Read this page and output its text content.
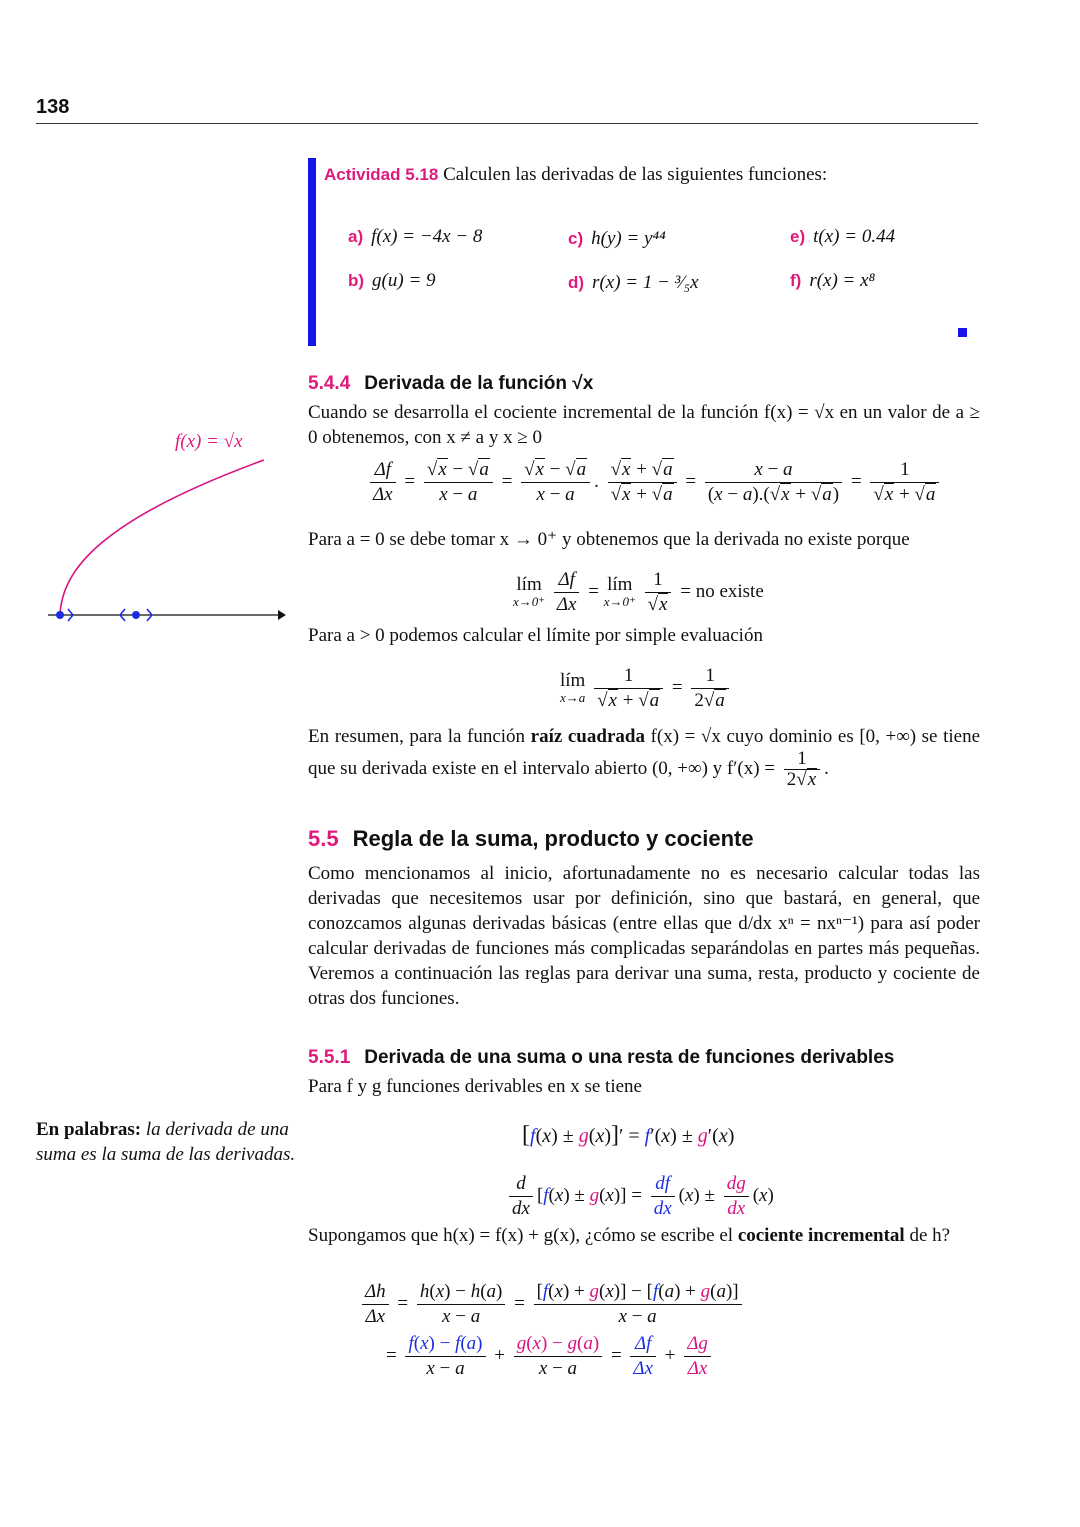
138
Actividad 5.18 Calculen las derivadas de las siguientes funciones:
a) f(x) = −4x − 8
b) g(u) = 9
c) h(y) = y⁴⁴
d) r(x) = 1 − ³⁄₅x
e) t(x) = 0.44
f) r(x) = x⁸
f(x) = √x
5.4.4 Derivada de la función √x
Cuando se desarrolla el cociente incremental de la función f(x) = √x en un valor de a ≥ 0 obtenemos, con x ≠ a y x ≥ 0
$\frac{\Delta f}{\Delta x} = \frac{√x - √a}{x - a} = \frac{√x - √a}{x - a}$ . $\frac{√x + √a}{√x + √a} = \frac{x - a}{(x - a).(√x + √a)} = \frac{1}{√x + √a}$
Para a = 0 se debe tomar x → 0⁺ y obtenemos que la derivada no existe porque
lím
x→0⁺
$\frac{\Delta f}{\Delta x}$ = lím
x→0⁺
$\frac{1}{√x}$ = no existe
Para a > 0 podemos calcular el límite por simple evaluación
lím
x→a
$\frac{1}{√x + √a} = \frac{1}{2√a}$
En resumen, para la función raíz cuadrada f(x) = √x cuyo dominio es [0, +∞) se tiene que su derivada existe en el intervalo abierto (0, +∞) y $f'(x) = \frac{1}{2√x}$ .
5.5 Regla de la suma, producto y cociente
Como mencionamos al inicio, afortunadamente no es necesario calcular todas las derivadas que necesitemos usar por definición, sino que bastará, en general, que conozcamos algunas derivadas básicas (entre ellas que d/dx xⁿ = nxⁿ⁻¹) para así poder calcular derivadas de funciones más complicadas separándolas en partes más pequeñas. Veremos a continuación las reglas para derivar una suma, resta, producto y cociente de otras dos funciones.
5.5.1 Derivada de una suma o una resta de funciones derivables
Para f y g funciones derivables en x se tiene
En palabras: la derivada de una suma es la suma de las derivadas.
[f(x) ± g(x)]′ = f′(x) ± g′(x)
$\frac{d}{dx} [f(x) \pm g(x)] = \frac{df}{dx} (x) \pm \frac{dg}{dx} (x)$
Supongamos que h(x) = f(x) + g(x), ¿cómo se escribe el cociente incremental de h?
$\frac{\Delta h}{\Delta x} = \frac{h(x) - h(a)}{x - a} = \frac{[f(x) + g(x)] - [f(a) + g(a)]}{x - a}$
= $\frac{f(x) - f(a)}{x - a} + \frac{g(x) - g(a)}{x - a} = \frac{\Delta f}{\Delta x} + \frac{\Delta g}{\Delta x}$
